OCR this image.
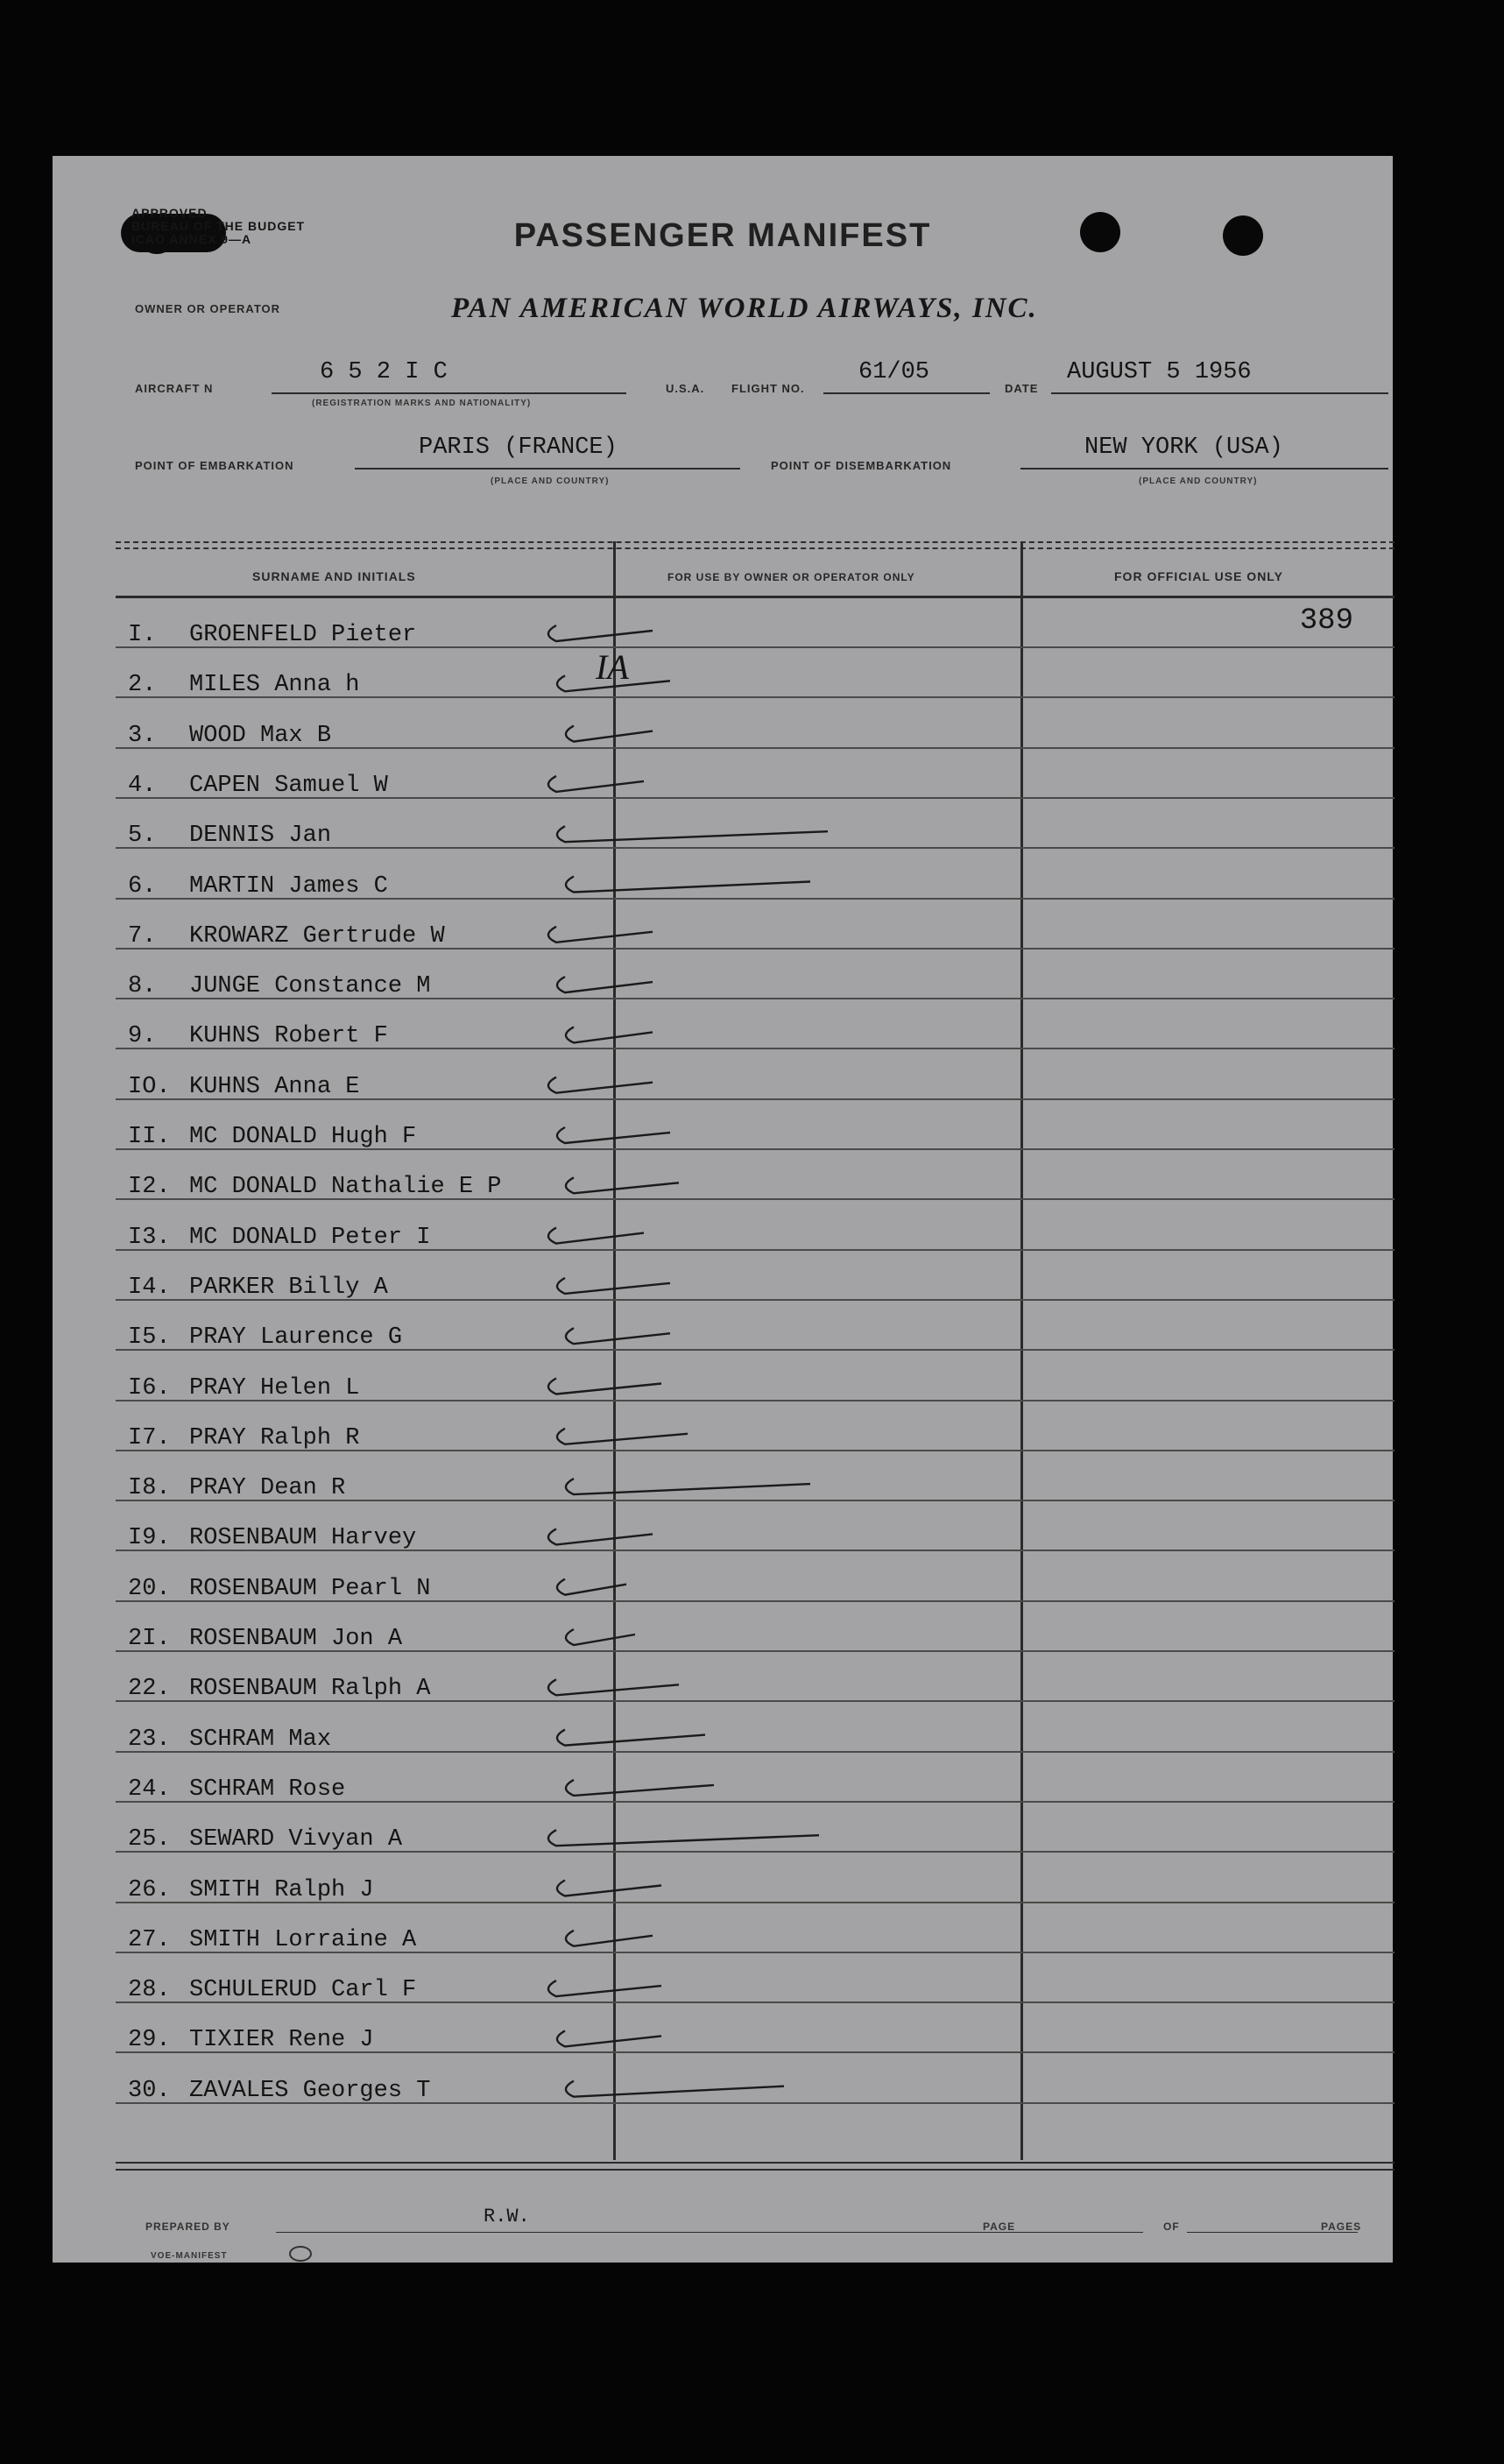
APPROVED
BUREAU OF THE BUDGET
ICAO ANNEX 9—A	PASSENGER MANIFEST
OWNER OR OPERATOR	PAN AMERICAN WORLD AIRWAYS, INC.
AIRCRAFT N
6 5 2 I C
(REGISTRATION MARKS AND NATIONALITY)
U.S.A. FLIGHT NO.
61/05
DATE
AUGUST 5 1956
POINT OF EMBARKATION
PARIS (FRANCE)
(PLACE AND COUNTRY)
POINT OF DISEMBARKATION
NEW YORK (USA)
(PLACE AND COUNTRY)
SURNAME AND INITIALS	FOR USE BY OWNER OR OPERATOR ONLY	FOR OFFICIAL USE ONLY
I. GROENFELD Pieter
2. MILES Anna h
3. WOOD Max B
4. CAPEN Samuel W
5. DENNIS Jan
6. MARTIN James C
7. KROWARZ Gertrude W
8. JUNGE Constance M
9. KUHNS Robert F
IO. KUHNS Anna E
II. MC DONALD Hugh F
I2. MC DONALD Nathalie E P
I3. MC DONALD Peter I
I4. PARKER Billy A
I5. PRAY Laurence G
I6. PRAY Helen L
I7. PRAY Ralph R
I8. PRAY Dean R
I9. ROSENBAUM Harvey
20. ROSENBAUM Pearl N
2I. ROSENBAUM Jon A
22. ROSENBAUM Ralph A
23. SCHRAM Max
24. SCHRAM Rose
25. SEWARD Vivyan A
26. SMITH Ralph J
27. SMITH Lorraine A
28. SCHULERUD Carl F
29. TIXIER Rene J
30. ZAVALES Georges T
389
IA
PREPARED BY	R.W.	PAGE	OF	PAGES
VOE-MANIFEST
